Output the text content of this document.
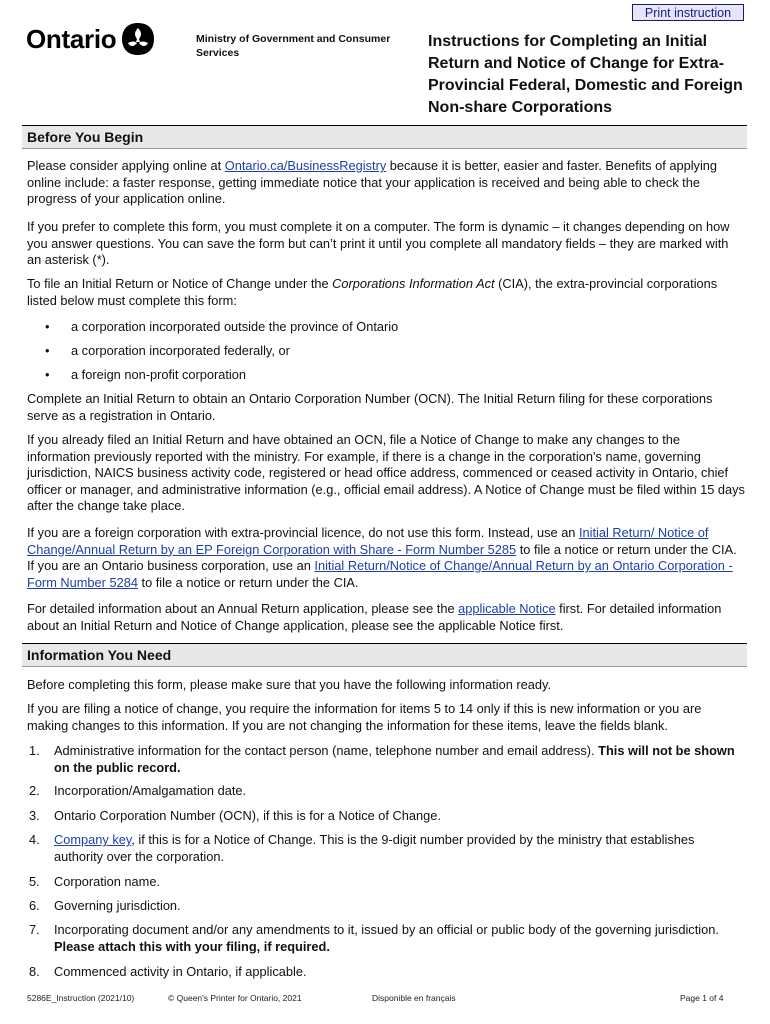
Print instruction
Ontario	Ministry of Government and Consumer Services
Instructions for Completing an Initial Return and Notice of Change for Extra-Provincial Federal, Domestic and Foreign Non-share Corporations
Before You Begin

Please consider applying online at Ontario.ca/BusinessRegistry because it is better, easier and faster. Benefits of applying online include: a faster response, getting immediate notice that your application is received and being able to check the progress of your application online.

If you prefer to complete this form, you must complete it on a computer. The form is dynamic – it changes depending on how you answer questions. You can save the form but can’t print it until you complete all mandatory fields – they are marked with an asterisk (*).

To file an Initial Return or Notice of Change under the Corporations Information Act (CIA), the extra-provincial corporations listed below must complete this form:

• a corporation incorporated outside the province of Ontario
• a corporation incorporated federally, or
• a foreign non-profit corporation

Complete an Initial Return to obtain an Ontario Corporation Number (OCN). The Initial Return filing for these corporations serve as a registration in Ontario.

If you already filed an Initial Return and have obtained an OCN, file a Notice of Change to make any changes to the information previously reported with the ministry. For example, if there is a change in the corporation’s name, governing jurisdiction, NAICS business activity code, registered or head office address, commenced or ceased activity in Ontario, chief officer or manager, and administrative information (e.g., official email address). A Notice of Change must be filed within 15 days after the change take place.

If you are a foreign corporation with extra-provincial licence, do not use this form. Instead, use an Initial Return/ Notice of Change/Annual Return by an EP Foreign Corporation with Share - Form Number 5285 to file a notice or return under the CIA. If you are an Ontario business corporation, use an Initial Return/Notice of Change/Annual Return by an Ontario Corporation - Form Number 5284 to file a notice or return under the CIA.

For detailed information about an Annual Return application, please see the applicable Notice first. For detailed information about an Initial Return and Notice of Change application, please see the applicable Notice first.

Information You Need

Before completing this form, please make sure that you have the following information ready.

If you are filing a notice of change, you require the information for items 5 to 14 only if this is new information or you are making changes to this information. If you are not changing the information for these items, leave the fields blank.

1. Administrative information for the contact person (name, telephone number and email address). This will not be shown on the public record.
2. Incorporation/Amalgamation date.
3. Ontario Corporation Number (OCN), if this is for a Notice of Change.
4. Company key, if this is for a Notice of Change. This is the 9-digit number provided by the ministry that establishes authority over the corporation.
5. Corporation name.
6. Governing jurisdiction.
7. Incorporating document and/or any amendments to it, issued by an official or public body of the governing jurisdiction. Please attach this with your filing, if required.
8. Commenced activity in Ontario, if applicable.
5286E_Instruction (2021/10)	© Queen's Printer for Ontario, 2021	Disponible en français	Page 1 of 4
